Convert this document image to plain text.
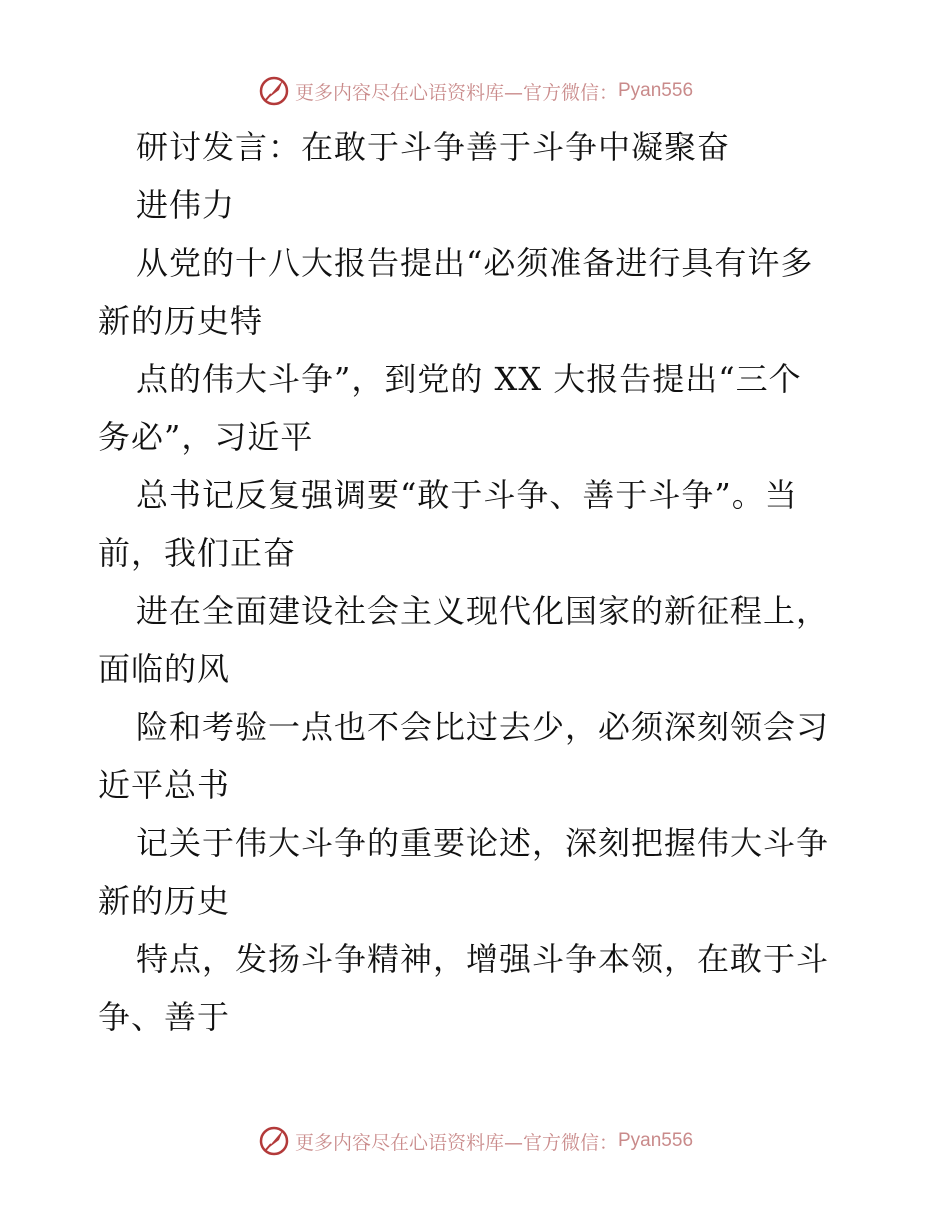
更多内容尽在心语资料库—官方微信： Pyan556
研讨发言：在敢于斗争善于斗争中凝聚奋
进伟力
从党的十八大报告提出“必须准备进行具有许多
新的历史特
点的伟大斗争”，到党的 XX 大报告提出“三个
务必”，习近平
总书记反复强调要“敢于斗争、善于斗争”。当
前，我们正奋
进在全面建设社会主义现代化国家的新征程上，
面临的风
险和考验一点也不会比过去少，必须深刻领会习
近平总书
记关于伟大斗争的重要论述，深刻把握伟大斗争
新的历史
特点，发扬斗争精神，增强斗争本领，在敢于斗
争、善于
更多内容尽在心语资料库—官方微信： Pyan556
